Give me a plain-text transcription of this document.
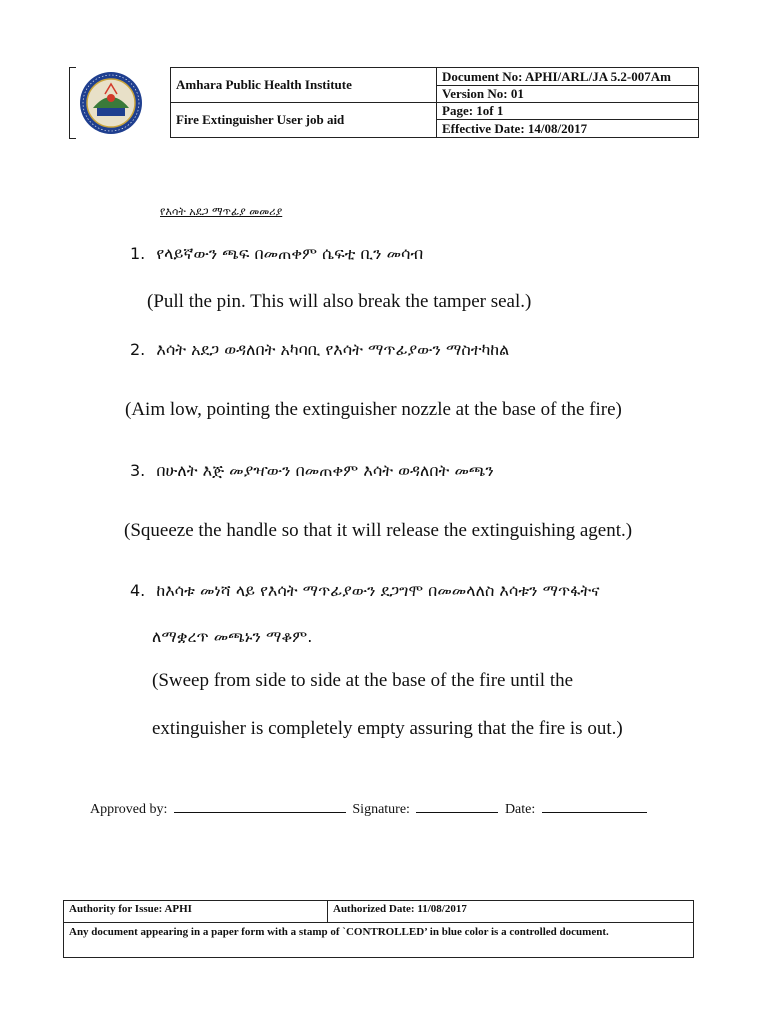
Amhara Public Health Institute	Document No: APHI/ARL/JA 5.2-007Am
	Version No: 01
Fire Extinguisher User job aid	Page: 1of 1
	Effective Date: 14/08/2017
የእሳት አደጋ ማጥፊያ መመሪያ
1. የላይኛውን ጫፍ በመጠቀም ሴፍቲ ቢን መሳብ
(Pull the pin. This will also break the tamper seal.)
2. እሳት አደጋ ወዳለበት አካባቢ የእሳት ማጥፊያውን ማስተካከል
(Aim low, pointing the extinguisher nozzle at the base of the fire)
3. በሁለት እጅ መያዣውን በመጠቀም እሳት ወዳለበት መጫን
(Squeeze the handle so that it will release the extinguishing agent.)
4. ከእሳቱ መነሻ ላይ የእሳት ማጥፊያውን ደጋግሞ በመመላለስ እሳቱን ማጥፋትና
ለማቋረጥ መጫኑን ማቆም.
(Sweep from side to side at the base of the fire until the
extinguisher is completely empty assuring that the fire is out.)
Approved by:	Signature:	Date:
Authority for Issue: APHI	Authorized Date: 11/08/2017
Any document appearing in a paper form with a stamp of `CONTROLLED’ in blue color is a controlled document.
